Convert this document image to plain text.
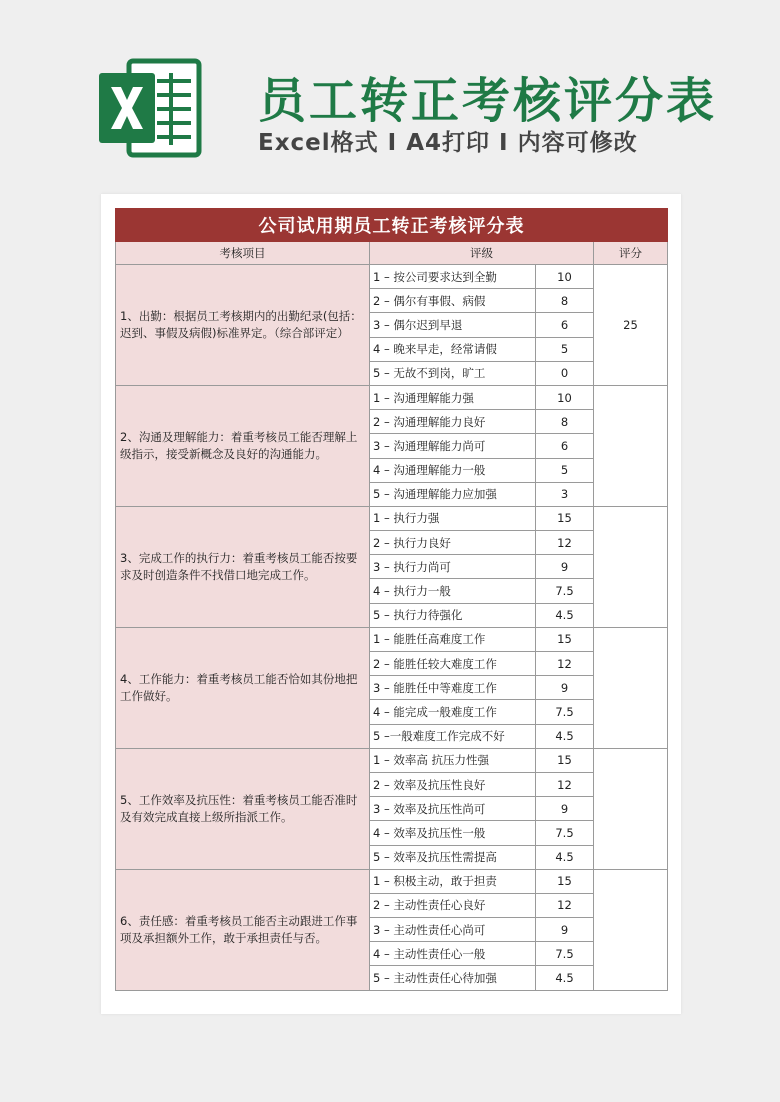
员工转正考核评分表
Excel格式 I A4打印 I 内容可修改
公司试用期员工转正考核评分表			
考核项目	评级		评分
1、出勤：根据员工考核期内的出勤纪录(包括：迟到、事假及病假)标准界定。（综合部评定）	1 – 按公司要求达到全勤	10	25
	2 – 偶尔有事假、病假	8	
	3 – 偶尔迟到早退	6	
	4 – 晚来早走，经常请假	5	
	5 – 无故不到岗，旷工	0	
2、沟通及理解能力：着重考核员工能否理解上级指示，接受新概念及良好的沟通能力。	1 – 沟通理解能力强	10	
	2 – 沟通理解能力良好	8	
	3 – 沟通理解能力尚可	6	
	4 – 沟通理解能力一般	5	
	5 – 沟通理解能力应加强	3	
3、完成工作的执行力：着重考核员工能否按要求及时创造条件不找借口地完成工作。	1 – 执行力强	15	
	2 – 执行力良好	12	
	3 – 执行力尚可	9	
	4 – 执行力一般	7.5	
	5 – 执行力待强化	4.5	
4、工作能力：着重考核员工能否恰如其份地把工作做好。	1 – 能胜任高难度工作	15	
	2 – 能胜任较大难度工作	12	
	3 – 能胜任中等难度工作	9	
	4 – 能完成一般难度工作	7.5	
	5 –一般难度工作完成不好	4.5	
5、工作效率及抗压性：着重考核员工能否准时及有效完成直接上级所指派工作。	1 – 效率高 抗压力性强	15	
	2 – 效率及抗压性良好	12	
	3 – 效率及抗压性尚可	9	
	4 – 效率及抗压性一般	7.5	
	5 – 效率及抗压性需提高	4.5	
6、责任感：着重考核员工能否主动跟进工作事项及承担额外工作，敢于承担责任与否。	1 – 积极主动，敢于担责	15	
	2 – 主动性责任心良好	12	
	3 – 主动性责任心尚可	9	
	4 – 主动性责任心一般	7.5	
	5 – 主动性责任心待加强	4.5	
